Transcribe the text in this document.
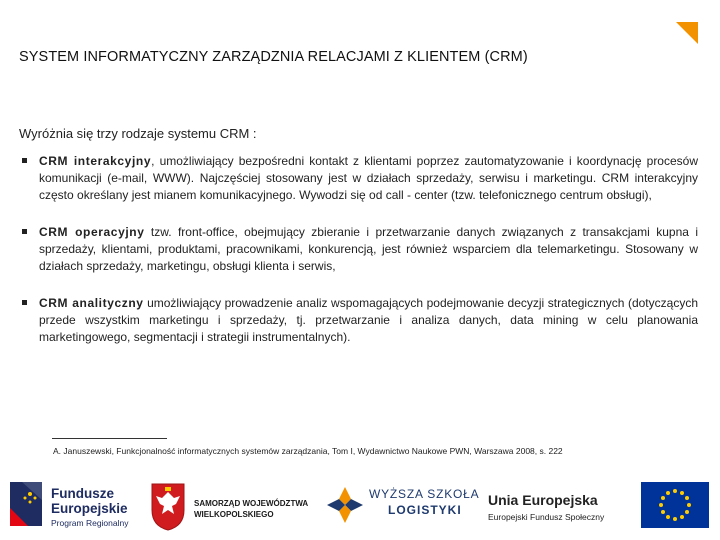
SYSTEM INFORMATYCZNY ZARZĄDZNIA RELACJAMI Z KLIENTEM (CRM)
Wyróżnia się trzy rodzaje systemu CRM :
CRM interakcyjny, umożliwiający bezpośredni kontakt z klientami poprzez zautomatyzowanie i koordynację procesów komunikacji (e-mail, WWW). Najczęściej stosowany jest w działach sprzedaży, serwisu i marketingu. CRM interakcyjny często określany jest mianem komunikacyjnego. Wywodzi się od call - center (tzw. telefonicznego centrum obsługi),
CRM operacyjny tzw. front-office, obejmujący zbieranie i przetwarzanie danych związanych z transakcjami kupna i sprzedaży, klientami, produktami, pracownikami, konkurencją, jest również wsparciem dla telemarketingu. Stosowany w działach sprzedaży, marketingu, obsługi klienta i serwis,
CRM analityczny umożliwiający prowadzenie analiz wspomagających podejmowanie decyzji strategicznych (dotyczących przede wszystkim marketingu i sprzedaży, tj. przetwarzanie i analiza danych, data mining w celu planowania marketingowego, segmentacji i strategii instrumentalnych).
A. Januszewski, Funkcjonalność informatycznych systemów zarządzania, Tom I, Wydawnictwo Naukowe PWN, Warszawa 2008, s. 222
Fundusze
Europejskie
Program Regionalny
SAMORZĄD WOJEWÓDZTWA
WIELKOPOLSKIEGO
WYŻSZA SZKOŁA
LOGISTYKI
Unia Europejska
Europejski Fundusz Społeczny
